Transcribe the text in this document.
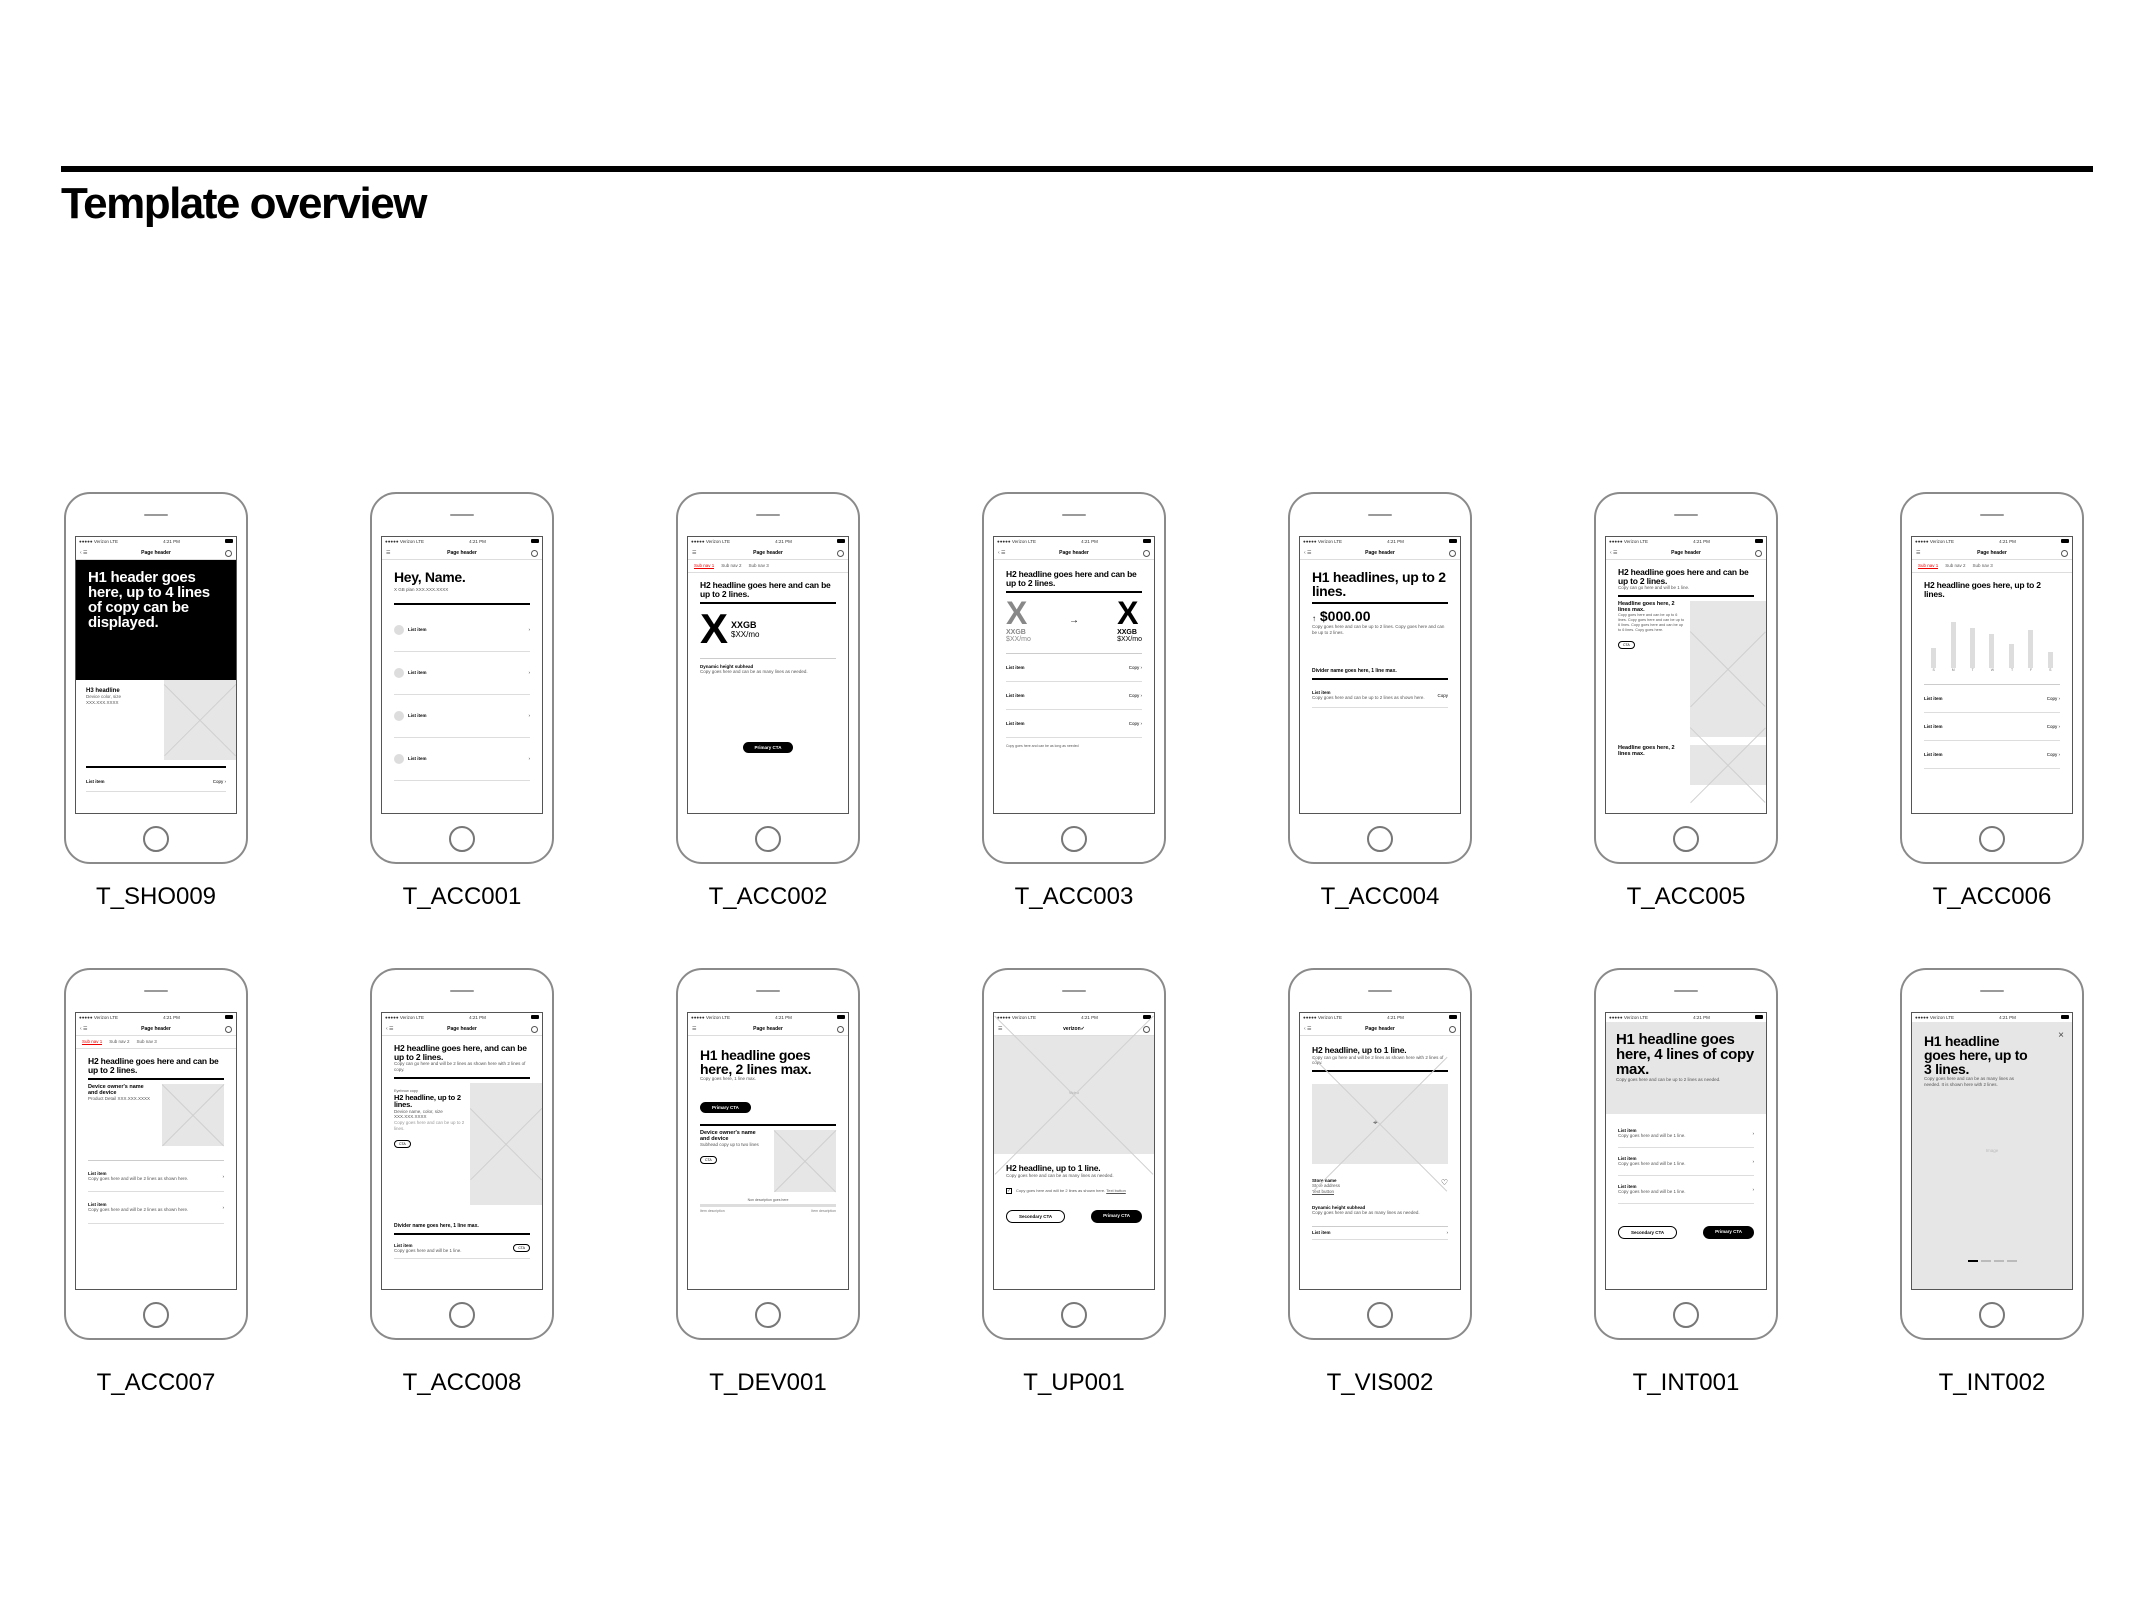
Template overview
●●●●● Verizon LTE	4:21 PM
‹ ☰	Page header
H1 header goes here, up to 4 lines of copy can be displayed.
H3 headline
Device color, size XXX.XXX.XXXX
List item	Copy ›
T_SHO009
●●●●● Verizon LTE	4:21 PM
☰	Page header
Hey, Name.
X GB plan XXX.XXX.XXXX
List item	›
List item	›
List item	›
List item	›
T_ACC001
●●●●● Verizon LTE	4:21 PM
☰	Page header
Sub nav 1 Sub nav 2 Sub nav 3
H2 headline goes here and can be up to 2 lines.
X XXGB
$XX/mo
Dynamic height subhead
Copy goes here and can be as many lines as needed.
Primary CTA
T_ACC002
●●●●● Verizon LTE	4:21 PM
‹ ☰	Page header
H2 headline goes here and can be up to 2 lines.
X
XXGB
$XX/mo
→ X
XXGB
$XX/mo
List item	Copy ›
List item	Copy ›
List item	Copy ›
Copy goes here and can be as long as needed
T_ACC003
●●●●● Verizon LTE	4:21 PM
‹ ☰	Page header
H1 headlines, up to 2 lines.
↑ $000.00
Copy goes here and can be up to 2 lines. Copy goes here and can be up to 2 lines.
Divider name goes here, 1 line max.
List item
Copy goes here and can be up to 2 lines as shown here.	Copy
T_ACC004
●●●●● Verizon LTE	4:21 PM
‹ ☰	Page header
H2 headline goes here and can be up to 2 lines.
Copy can go here and will be 1 line.
Headline goes here, 2 lines max.
Copy goes here and can be up to 6 lines. Copy goes here and can be up to 6 lines. Copy goes here and can be up to 6 lines. Copy goes here.
CTA
Headline goes here, 2 lines max.
T_ACC005
●●●●● Verizon LTE	4:21 PM
☰	Page header
Sub nav 1 Sub nav 2 Sub nav 3
H2 headline goes here, up to 2 lines.
S	M	T	W	T	F	S
List item	Copy ›
List item	Copy ›
List item	Copy ›
T_ACC006
●●●●● Verizon LTE	4:21 PM
‹ ☰	Page header
Sub nav 1 Sub nav 2 Sub nav 3
H2 headline goes here and can be up to 2 lines.
Device owner's name and device
Product Detail XXX.XXX.XXXX
List item
Copy goes here and will be 2 lines as shown here.	›
List item
Copy goes here and will be 2 lines as shown here.	›
T_ACC007
●●●●● Verizon LTE	4:21 PM
‹ ☰	Page header
H2 headline goes here, and can be up to 2 lines.
Copy can go here and will be 2 lines as shown here with 2 lines of copy.
Eyebrow copy
H2 headline, up to 2 lines.
Device name, color, size XXX.XXX.XXXX
Copy goes here and can be up to 2 lines.
CTA
Divider name goes here, 1 line max.
List item
Copy goes here and will be 1 line.	CTA
T_ACC008
●●●●● Verizon LTE	4:21 PM
☰	Page header
H1 headline goes here, 2 lines max.
Copy goes here, 1 line max.
Primary CTA
Device owner's name and device
Subhead copy up to two lines
CTA
Non description goes here
Item description	Item description
T_DEV001
●●●●● Verizon LTE	4:21 PM
☰	verizon✓
Video
H2 headline, up to 1 line.
Copy goes here and can be as many lines as needed.
✓ Copy goes here and will be 2 lines as shown here. Text button
Secondary CTA	Primary CTA
T_UP001
●●●●● Verizon LTE	4:21 PM
‹ ☰	Page header
H2 headline, up to 1 line.
Copy can go here and will be 2 lines as shown here with 2 lines of copy.
⌖
Store name
Store address
Text button
♡
Dynamic height subhead
Copy goes here and can be as many lines as needed.
List item	›
T_VIS002
●●●●● Verizon LTE	4:21 PM
H1 headline goes here, 4 lines of copy max.
Copy goes here and can be up to 2 lines as needed.
List item
Copy goes here and will be 1 line.	›
List item
Copy goes here and will be 1 line.	›
List item
Copy goes here and will be 1 line.	›
Secondary CTA	Primary CTA
T_INT001
●●●●● Verizon LTE	4:21 PM
×
H1 headline goes here, up to 3 lines.
Copy goes here and can be as many lines as needed. It is shown here with 2 lines.
Image
T_INT002
